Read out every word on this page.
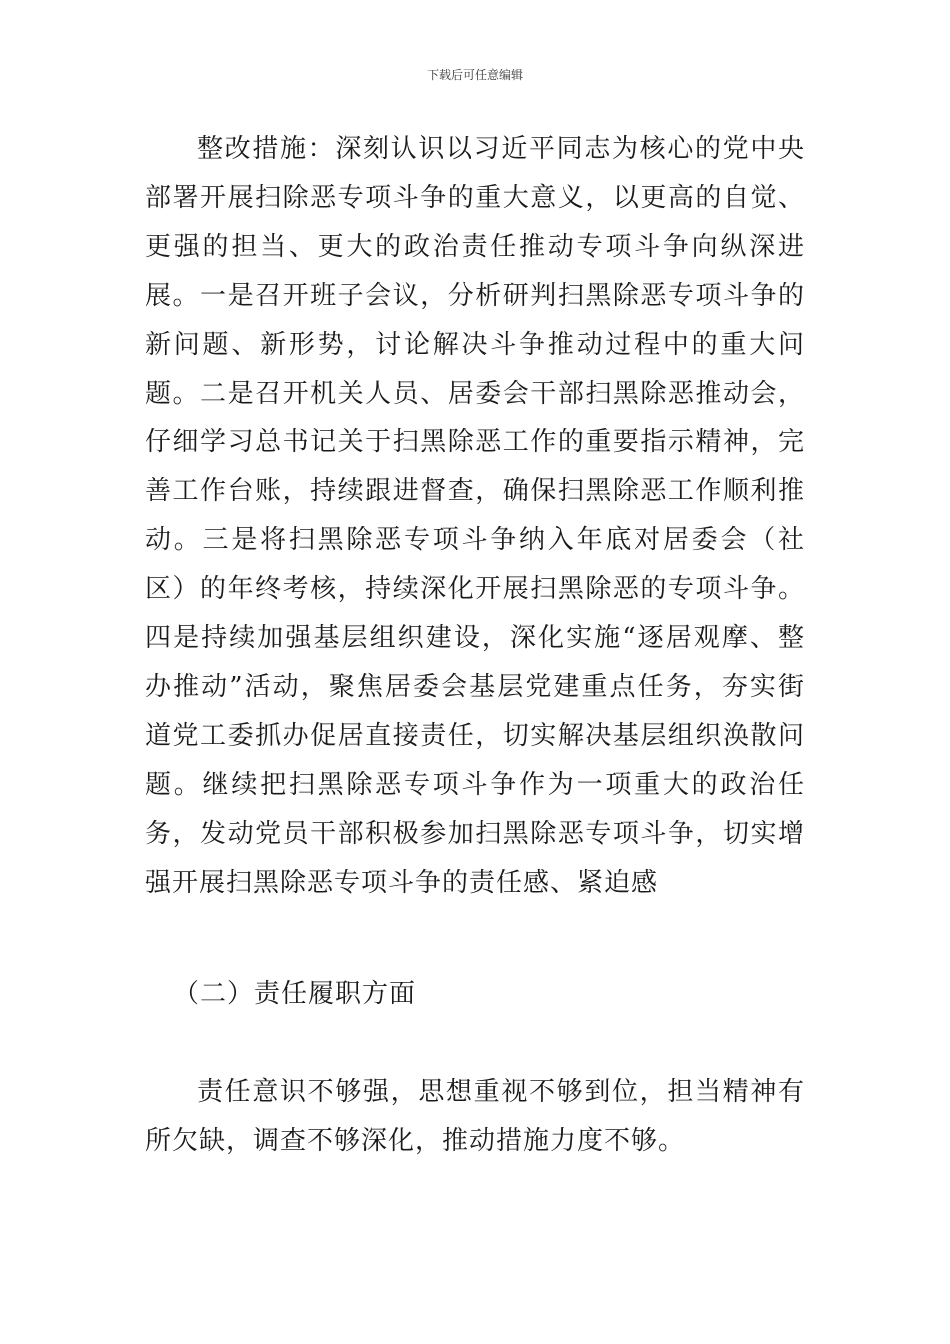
下载后可任意编辑

整改措施：深刻认识以习近平同志为核心的党中央部署开展扫除恶专项斗争的重大意义，以更高的自觉、更强的担当、更大的政治责任推动专项斗争向纵深进展。一是召开班子会议，分析研判扫黑除恶专项斗争的新问题、新形势，讨论解决斗争推动过程中的重大问题。二是召开机关人员、居委会干部扫黑除恶推动会，仔细学习总书记关于扫黑除恶工作的重要指示精神，完善工作台账，持续跟进督查，确保扫黑除恶工作顺利推动。三是将扫黑除恶专项斗争纳入年底对居委会（社区）的年终考核，持续深化开展扫黑除恶的专项斗争。四是持续加强基层组织建设，深化实施“逐居观摩、整办推动”活动，聚焦居委会基层党建重点任务，夯实街道党工委抓办促居直接责任，切实解决基层组织涣散问题。继续把扫黑除恶专项斗争作为一项重大的政治任务，发动党员干部积极参加扫黑除恶专项斗争，切实增强开展扫黑除恶专项斗争的责任感、紧迫感

（二）责任履职方面

责任意识不够强，思想重视不够到位，担当精神有所欠缺，调查不够深化，推动措施力度不够。
